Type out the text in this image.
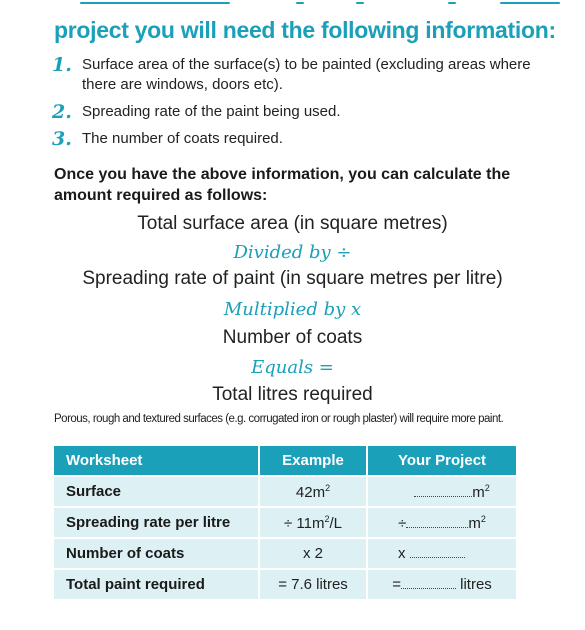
project you will need the following information:
1. Surface area of the surface(s) to be painted (excluding areas where there are windows, doors etc).
2. Spreading rate of the paint being used.
3. The number of coats required.
Once you have the above information, you can calculate the amount required as follows:
Total surface area (in square metres)
Divided by ÷
Spreading rate of paint (in square metres per litre)
Multiplied by x
Number of coats
Equals =
Total litres required
Porous, rough and textured surfaces (e.g. corrugated iron or rough plaster) will require more paint.
Worksheet	Example	Your Project
Surface	$42m^2$	$m^2$
Spreading rate per litre	÷ $11m^2/L$	÷ $m^2$
Number of coats	x 2	x
Total paint required	= 7.6 litres	= litres
